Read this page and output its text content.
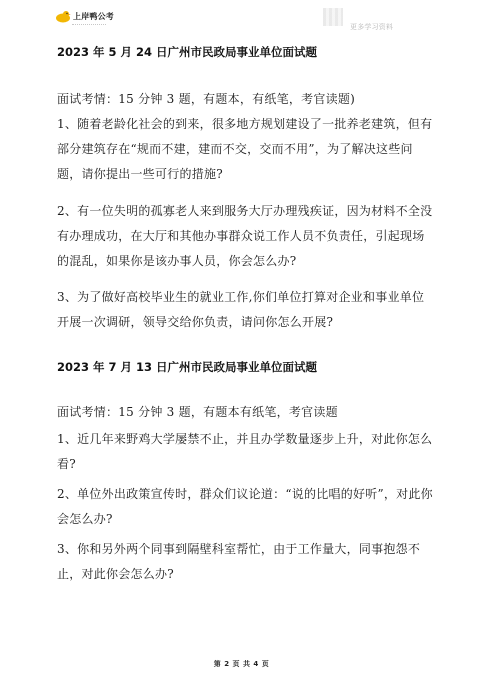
上岸鸭公考
更多学习资料
2023 年 5 月 24 日广州市民政局事业单位面试题
面试考情：15 分钟 3 题，有题本，有纸笔，考官读题)
1、随着老龄化社会的到来，很多地方规划建设了一批养老建筑，但有部分建筑存在“规而不建，建而不交，交而不用”，为了解决这些问题，请你提出一些可行的措施?
2、有一位失明的孤寡老人来到服务大厅办理残疾证，因为材料不全没有办理成功，在大厅和其他办事群众说工作人员不负责任，引起现场的混乱，如果你是该办事人员，你会怎么办?
3、为了做好高校毕业生的就业工作,你们单位打算对企业和事业单位开展一次调研，领导交给你负责，请问你怎么开展?
2023 年 7 月 13 日广州市民政局事业单位面试题
面试考情：15 分钟 3 题，有题本有纸笔，考官读题
1、近几年来野鸡大学屡禁不止，并且办学数量逐步上升，对此你怎么看?
2、单位外出政策宣传时，群众们议论道：“说的比唱的好听”，对此你会怎么办?
3、你和另外两个同事到隔壁科室帮忙，由于工作量大，同事抱怨不止，对此你会怎么办?
第 2 页 共 4 页
